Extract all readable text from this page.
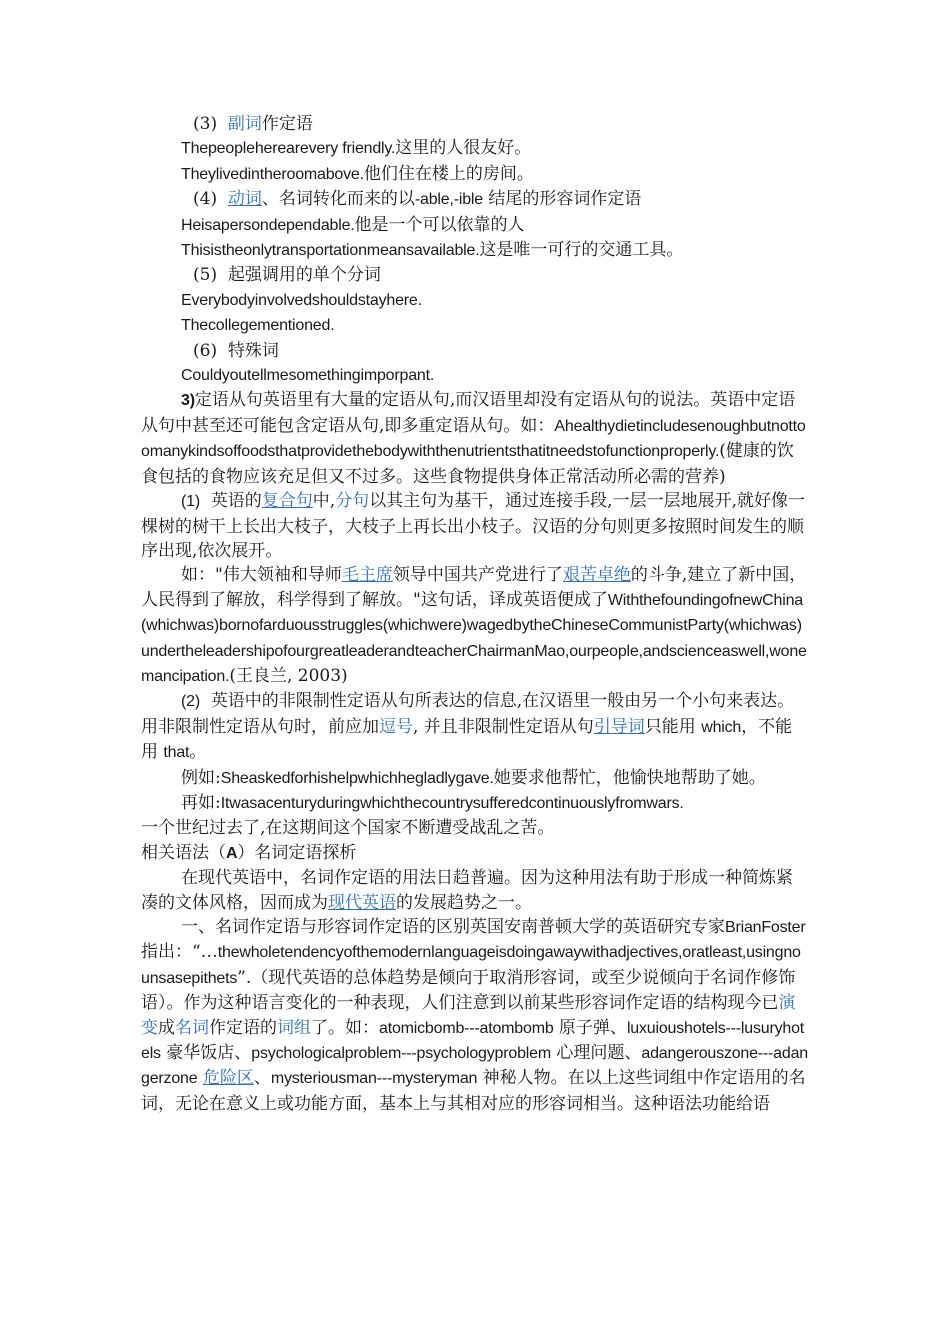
(3) 副词作定语

Thepeopleherearevery friendly.这里的人很友好。

Theylivedintheroomabove.他们住在楼上的房间。

(4) 动词、名词转化而来的以-able,-ible 结尾的形容词作定语

Heisapersondependable.他是一个可以依靠的人

Thisistheonlytransportationmeansavailable.这是唯一可行的交通工具。

(5) 起强调用的单个分词

Everybodyinvolvedshouldstayhere.

Thecollegementioned.

(6) 特殊词

Couldyoutellmesomethingimporpant.

3)定语从句英语里有大量的定语从句,而汉语里却没有定语从句的说法。英语中定语从句中甚至还可能包含定语从句,即多重定语从句。如：Ahealthydietincludesenoughbutnottoomanykindsoffoodsthatprovidethebodywiththenutrientsthatitneedstofunctionproperly.(健康的饮食包括的食物应该充足但又不过多。这些食物提供身体正常活动所必需的营养)

(1) 英语的复合句中,分句以其主句为基干，通过连接手段,一层一层地展开,就好像一棵树的树干上长出大枝子，大枝子上再长出小枝子。汉语的分句则更多按照时间发生的顺序出现,依次展开。

如："伟大领袖和导师毛主席领导中国共产党进行了艰苦卓绝的斗争,建立了新中国，人民得到了解放，科学得到了解放。"这句话，译成英语便成了WiththefoundingofnewChina(whichwas)bornofarduousstruggles(whichwere)wagedbytheChineseCommunistParty(whichwas)undertheleadershipofourgreatleaderandteacherChairmanMao,ourpeople,andscienceaswell,wonemancipation.(王良兰, 2003)

(2) 英语中的非限制性定语从句所表达的信息,在汉语里一般由另一个小句来表达。用非限制性定语从句时，前应加逗号, 并且非限制性定语从句引导词只能用 which，不能用 that。

例如:Sheaskedforhishelpwhichhegladlygave.她要求他帮忙，他愉快地帮助了她。

再如:Itwasacenturyduringwhichthecountrysufferedcontinuouslyfromwars.
一个世纪过去了,在这期间这个国家不断遭受战乱之苦。

相关语法（A）名词定语探析

在现代英语中，名词作定语的用法日趋普遍。因为这种用法有助于形成一种简炼紧凑的文体风格，因而成为现代英语的发展趋势之一。

一、名词作定语与形容词作定语的区别英国安南普顿大学的英语研究专家BrianFoster 指出：“…thewholetendencyofthemodernlanguageisdoingawaywithadjectives,oratleast,usingnounsasepithets”.（现代英语的总体趋势是倾向于取消形容词，或至少说倾向于名词作修饰语）。作为这种语言变化的一种表现，人们注意到以前某些形容词作定语的结构现今已演变成名词作定语的词组了。如：atomicbomb---atombomb 原子弹、luxuioushotels---lusuryhotels 豪华饭店、psychologicalproblem---psychologyproblem 心理问题、adangerouszone---adangerzone 危险区、mysteriousman---mysteryman 神秘人物。在以上这些词组中作定语用的名词，无论在意义上或功能方面，基本上与其相对应的形容词相当。这种语法功能给语
